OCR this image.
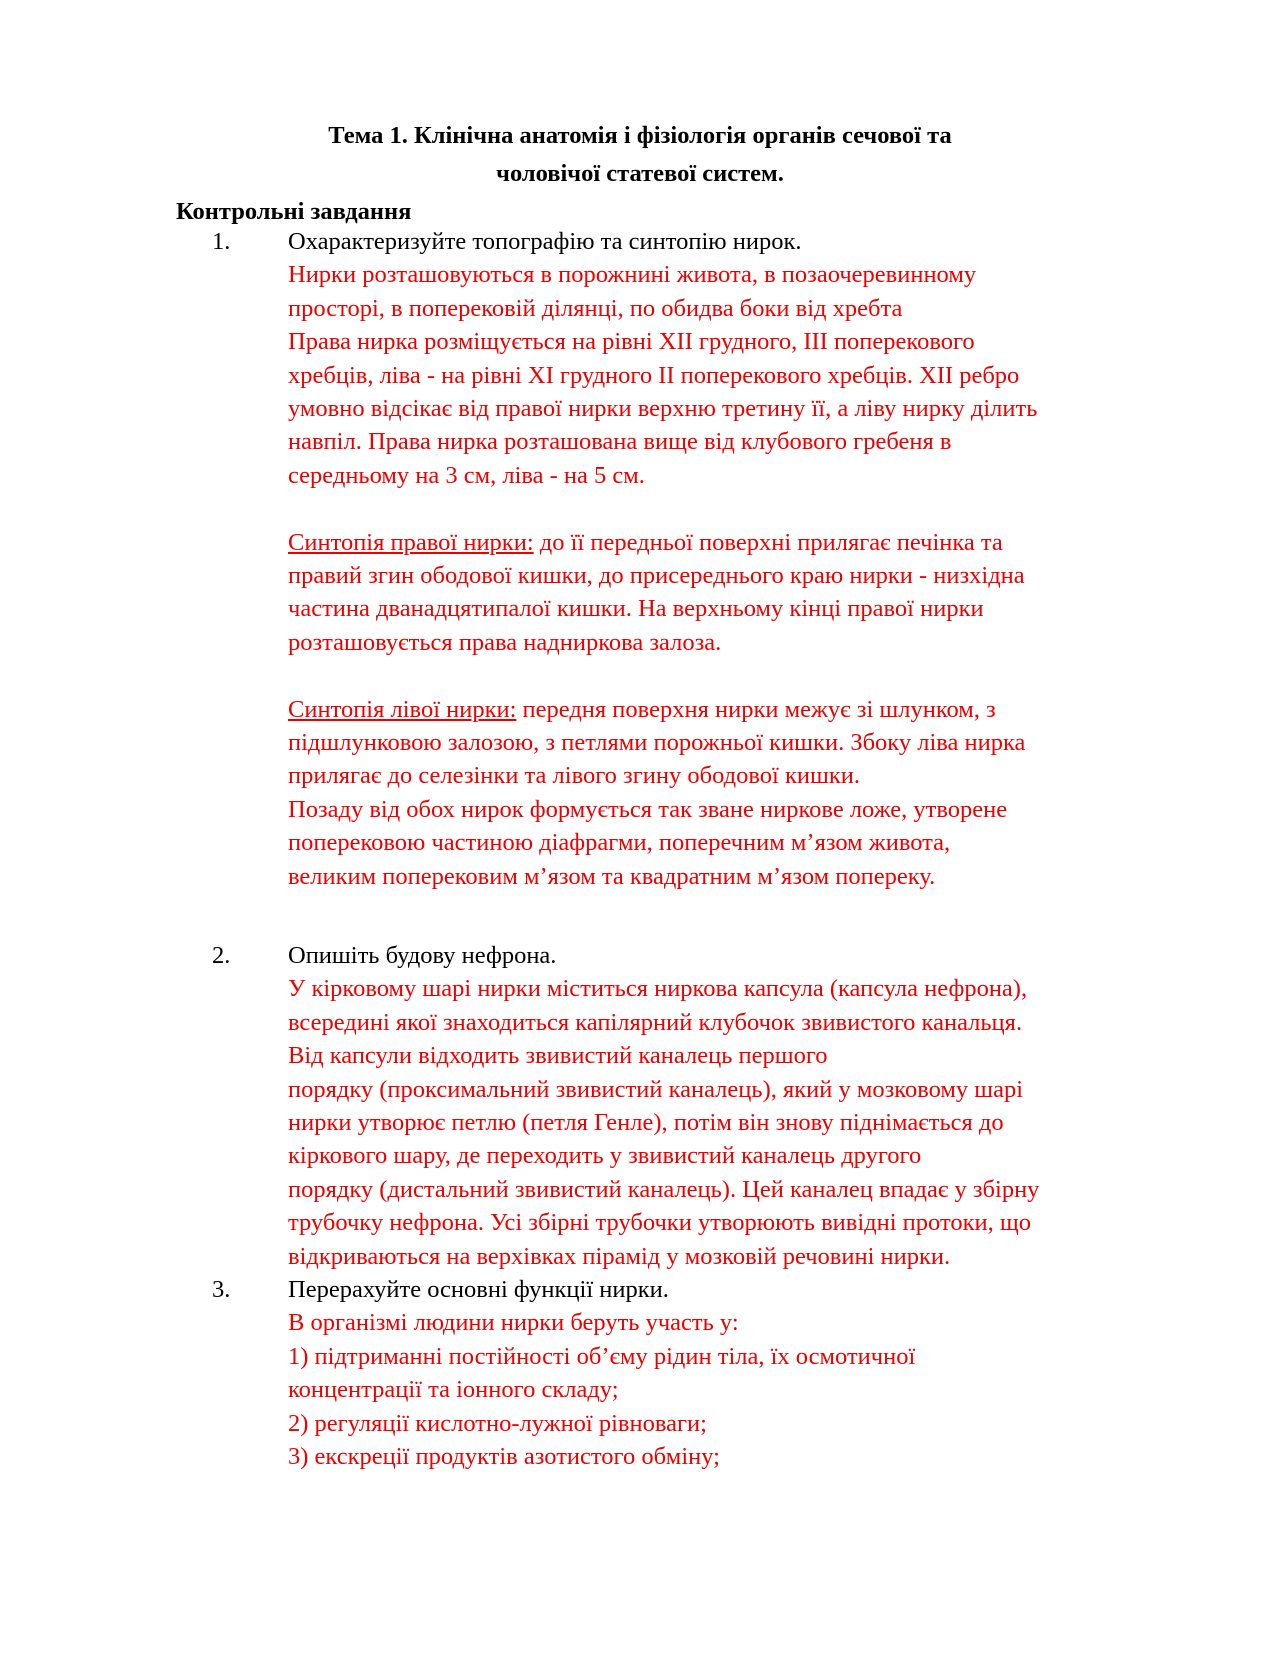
Тема 1. Клінічна анатомія і фізіологія органів сечової та
чоловічої статевої систем.
Контрольні завдання
1. Охарактеризуйте топографію та синтопію нирок.
Нирки розташовуються в порожнині живота, в позаочеревинному
просторі, в поперековій ділянці, по обидва боки від хребта
Права нирка розміщується на рівні XII грудного, III поперекового
хребців, ліва - на рівні XI грудного II поперекового хребців. XII ребро
умовно відсікає від правої нирки верхню третину її, а ліву нирку ділить
навпіл. Права нирка розташована вище від клубового гребеня в
середньому на 3 см, ліва - на 5 см.
Синтопія правої нирки: до її передньої поверхні прилягає печінка та
правий згин ободової кишки, до присереднього краю нирки - низхідна
частина дванадцятипалої кишки. На верхньому кінці правої нирки
розташовується права надниркова залоза.
Синтопія лівої нирки: передня поверхня нирки межує зі шлунком, з
підшлунковою залозою, з петлями порожньої кишки. Збоку ліва нирка
прилягає до селезінки та лівого згину ободової кишки.
Позаду від обох нирок формується так зване ниркове ложе, утворене
поперековою частиною діафрагми, поперечним м’язом живота,
великим поперековим м’язом та квадратним м’язом попереку.
2. Опишіть будову нефрона.
У кірковому шарі нирки міститься ниркова капсула (капсула нефрона),
всередині якої знаходиться капілярний клубочок звивистого канальця.
Від капсули відходить звивистий каналець першого
порядку (проксимальний звивистий каналець), який у мозковому шарі
нирки утворює петлю (петля Генле), потім він знову піднімається до
кіркового шару, де переходить у звивистий каналець другого
порядку (дистальний звивистий каналець). Цей каналец впадає у збірну
трубочку нефрона. Усі збірні трубочки утворюють вивідні протоки, що
відкриваються на верхівках пірамід у мозковій речовині нирки.
3. Перерахуйте основні функції нирки.
В організмі людини нирки беруть участь у:
1) підтриманні постійності об’єму рідин тіла, їх осмотичної
концентрації та іонного складу;
2) регуляції кислотно-лужної рівноваги;
3) екскреції продуктів азотистого обміну;
